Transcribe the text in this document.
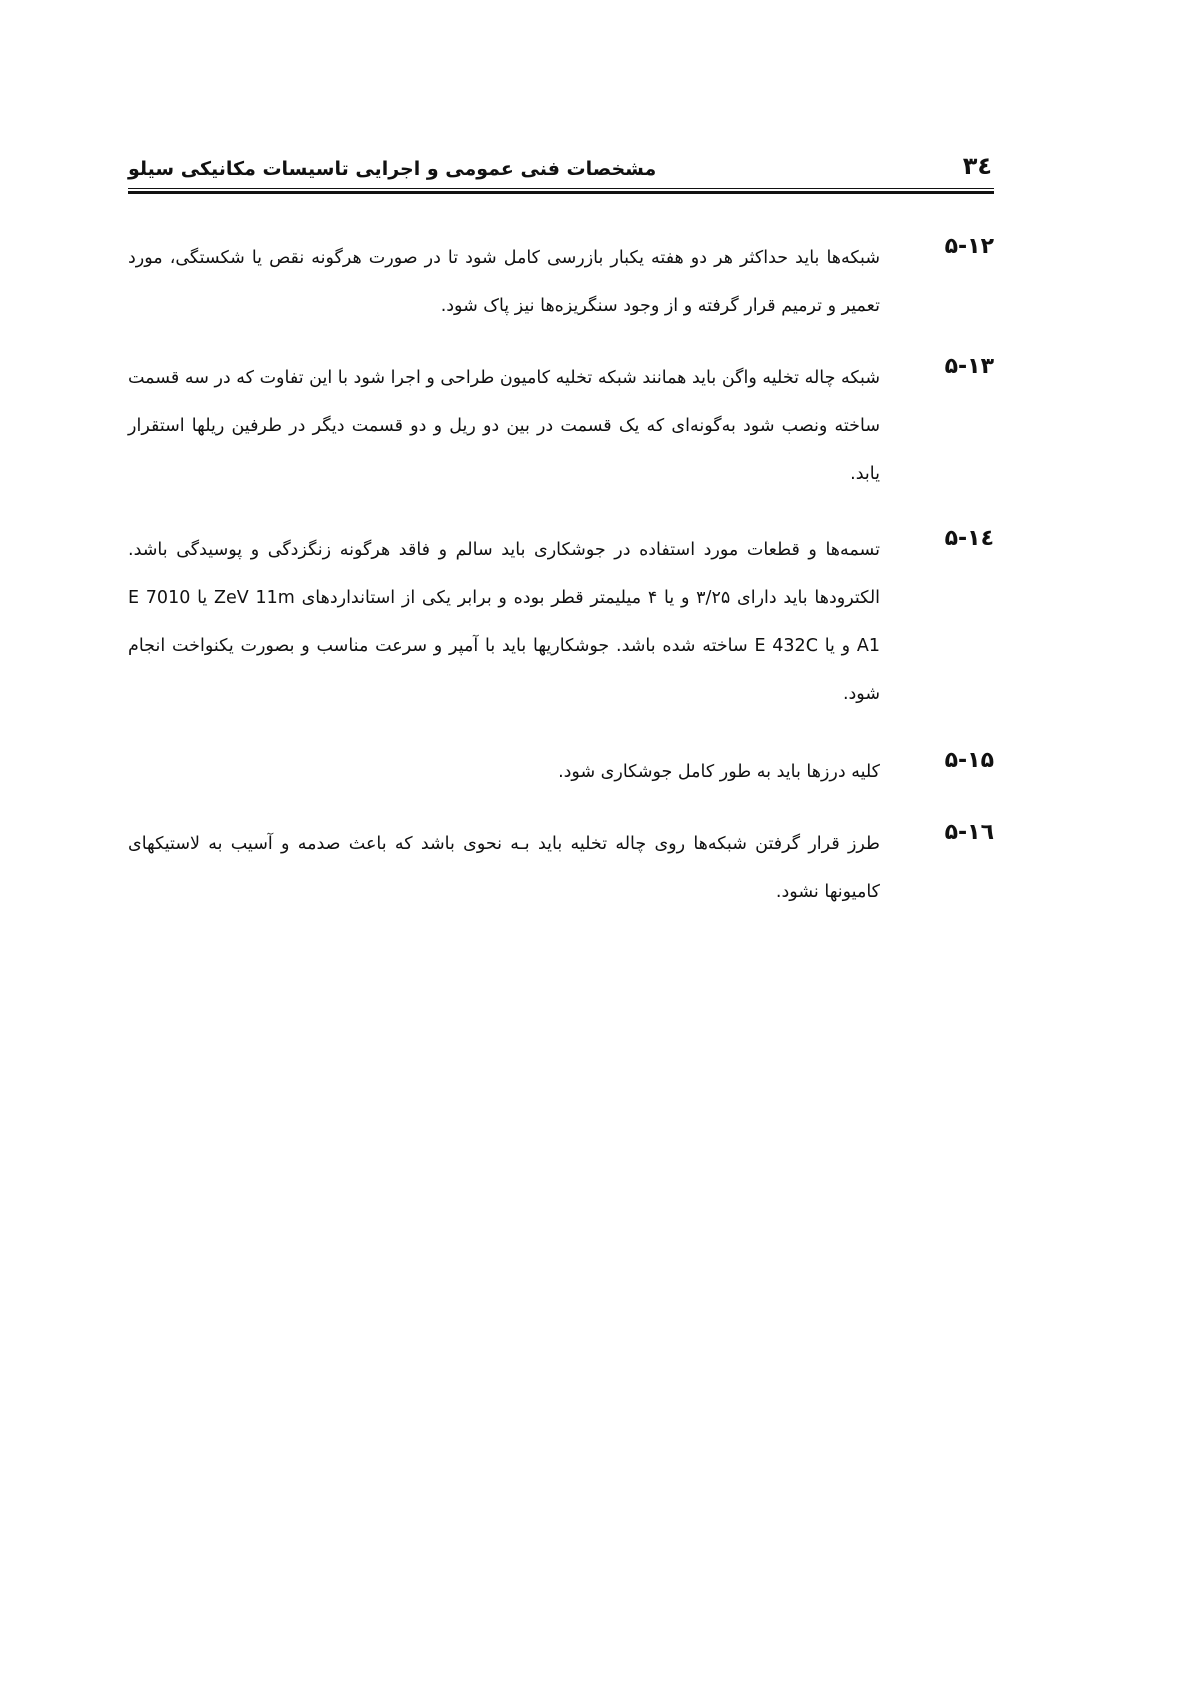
مشخصات فنی عمومی و اجرایی تاسیسات مکانیکی سیلو	۳٤
۵-۱۲

شبکه‌ها باید حداکثر هر دو هفته یکبار بازرسی کامل شود تا در صورت هرگونه نقص یا شکستگی، مورد تعمیر و ترمیم قرار گرفته و از وجود سنگریزه‌ها نیز پاک شود.

۵-۱۳

شبکه چاله تخلیه واگن باید همانند شبکه تخلیه کامیون طراحی و اجرا شود با این تفاوت که در سه قسمت ساخته ونصب شود به‌گونه‌ای که یک قسمت در بین دو ریل و دو قسمت دیگر در طرفین ریلها استقرار یابد.

۵-۱٤

تسمه‌ها و قطعات مورد استفاده در جوشکاری باید سالم و فاقد هرگونه زنگزدگی و پوسیدگی باشد. الکترودها باید دارای ۳/۲۵ و یا ۴ میلیمتر قطر بوده و برابر یکی از استانداردهای ZeV 11m یا E 7010 A1 و یا E 432C ساخته شده باشد. جوشکاریها باید با آمپر و سرعت مناسب و بصورت یکنواخت انجام شود.

۵-۱۵

کلیه درزها باید به طور کامل جوشکاری شود.

۵-۱٦

طرز قرار گرفتن شبکه‌ها روی چاله تخلیه باید بـه نحوی باشد که باعث صدمه و آسیب به لاستیکهای کامیونها نشود.
